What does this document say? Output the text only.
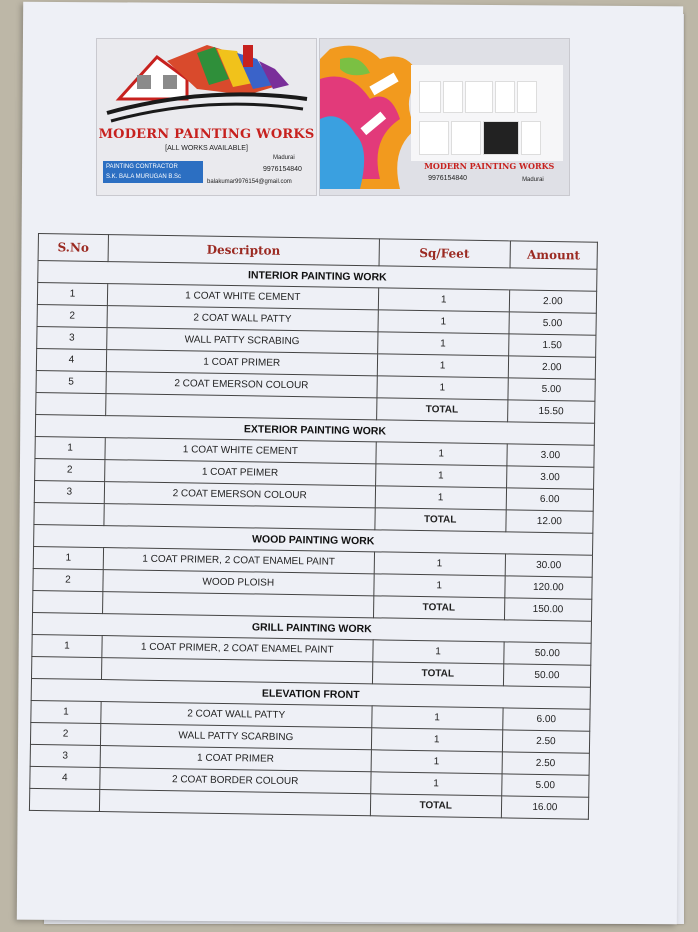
MODERN PAINTING WORKS
[ALL WORKS AVAILABLE]
Madurai
9976154840
PAINTING CONTRACTOR
S.K. BALA MURUGAN B.Sc
balakumar9976154@gmail.com
MODERN PAINTING WORKS
9976154840	Madurai
S.No	Descripton	Sq/Feet	Amount
INTERIOR PAINTING WORK			
1	1 COAT WHITE CEMENT	1	2.00
2	2 COAT WALL PATTY	1	5.00
3	WALL PATTY SCRABING	1	1.50
4	1 COAT PRIMER	1	2.00
5	2 COAT EMERSON COLOUR	1	5.00
		TOTAL	15.50
EXTERIOR PAINTING WORK			
1	1 COAT WHITE CEMENT	1	3.00
2	1 COAT PEIMER	1	3.00
3	2 COAT EMERSON COLOUR	1	6.00
		TOTAL	12.00
WOOD PAINTING WORK			
1	1 COAT PRIMER, 2 COAT ENAMEL PAINT	1	30.00
2	WOOD PLOISH	1	120.00
		TOTAL	150.00
GRILL PAINTING WORK			
1	1 COAT PRIMER, 2 COAT ENAMEL PAINT	1	50.00
		TOTAL	50.00
ELEVATION FRONT			
1	2 COAT WALL PATTY	1	6.00
2	WALL PATTY SCARBING	1	2.50
3	1 COAT PRIMER	1	2.50
4	2 COAT BORDER COLOUR	1	5.00
		TOTAL	16.00
